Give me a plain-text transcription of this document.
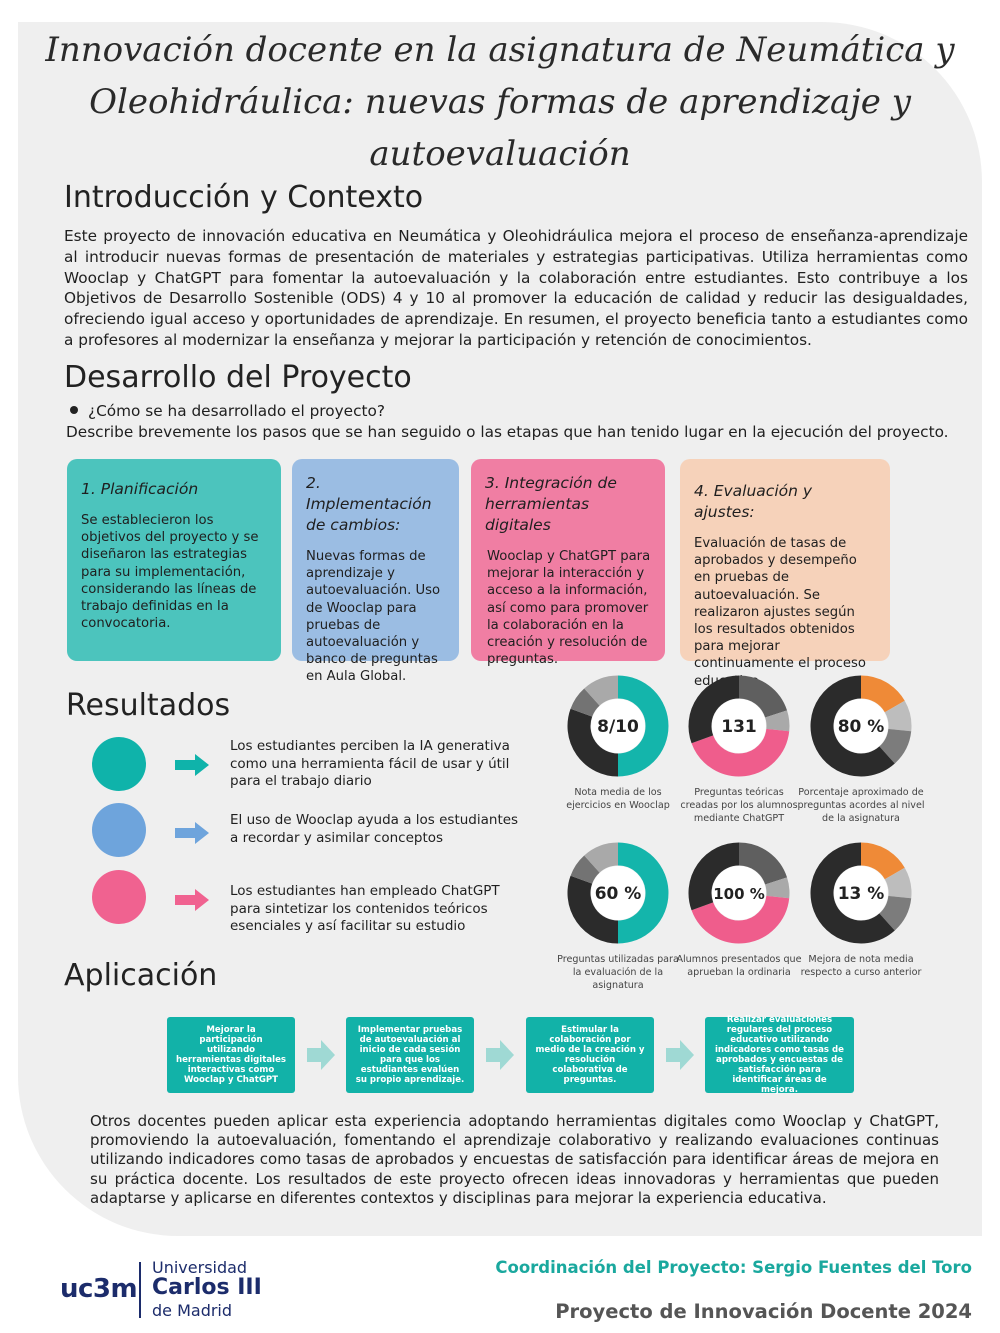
Innovación docente en la asignatura de Neumática y
Oleohidráulica: nuevas formas de aprendizaje y autoevaluación
Introducción y Contexto

Este proyecto de innovación educativa en Neumática y Oleohidráulica mejora el proceso de enseñanza-aprendizaje al introducir nuevas formas de presentación de materiales y estrategias participativas. Utiliza herramientas como Wooclap y ChatGPT para fomentar la autoevaluación y la colaboración entre estudiantes. Esto contribuye a los Objetivos de Desarrollo Sostenible (ODS) 4 y 10 al promover la educación de calidad y reducir las desigualdades, ofreciendo igual acceso y oportunidades de aprendizaje. En resumen, el proyecto beneficia tanto a estudiantes como a profesores al modernizar la enseñanza y mejorar la participación y retención de conocimientos.

Desarrollo del Proyecto
¿Cómo se ha desarrollado el proyecto?
Describe brevemente los pasos que se han seguido o las etapas que han tenido lugar en la ejecución del proyecto.
1. Planificación
Se establecieron los objetivos del proyecto y se diseñaron las estrategias para su implementación, considerando las líneas de trabajo definidas en la convocatoria.
2. Implementación de cambios:
Nuevas formas de aprendizaje y autoevaluación. Uso de Wooclap para pruebas de autoevaluación y banco de preguntas en Aula Global.
3. Integración de herramientas digitales
Wooclap y ChatGPT para mejorar la interacción y acceso a la información, así como para promover la colaboración en la creación y resolución de preguntas.
4. Evaluación y ajustes:
Evaluación de tasas de aprobados y desempeño en pruebas de autoevaluación. Se realizaron ajustes según los resultados obtenidos para mejorar continuamente el proceso educativo.
Resultados
Los estudiantes perciben la IA generativa como una herramienta fácil de usar y útil para el trabajo diario
El uso de Wooclap ayuda a los estudiantes a recordar y asimilar conceptos
Los estudiantes han empleado ChatGPT para sintetizar los contenidos teóricos esenciales y así facilitar su estudio
8/10
Nota media de los ejercicios en Wooclap
131
Preguntas teóricas creadas por los alumnos mediante ChatGPT
80 %
Porcentaje aproximado de preguntas acordes al nivel de la asignatura
60 %
Preguntas utilizadas para la evaluación de la asignatura
100 %
Alumnos presentados que aprueban la ordinaria
13 %
Mejora de nota media respecto a curso anterior
Aplicación
Mejorar la participación utilizando herramientas digitales interactivas como Wooclap y ChatGPT
Implementar pruebas de autoevaluación al inicio de cada sesión para que los estudiantes evalúen su propio aprendizaje.
Estimular la colaboración por medio de la creación y resolución colaborativa de preguntas.
Realizar evaluaciones regulares del proceso educativo utilizando indicadores como tasas de aprobados y encuestas de satisfacción para identificar áreas de mejora.

Otros docentes pueden aplicar esta experiencia adoptando herramientas digitales como Wooclap y ChatGPT, promoviendo la autoevaluación, fomentando el aprendizaje colaborativo y realizando evaluaciones continuas utilizando indicadores como tasas de aprobados y encuestas de satisfacción para identificar áreas de mejora en su práctica docente. Los resultados de este proyecto ofrecen ideas innovadoras y herramientas que pueden adaptarse y aplicarse en diferentes contextos y disciplinas para mejorar la experiencia educativa.

uc3m
Universidad
Carlos III
de Madrid
Coordinación del Proyecto: Sergio Fuentes del Toro
Proyecto de Innovación Docente 2024
